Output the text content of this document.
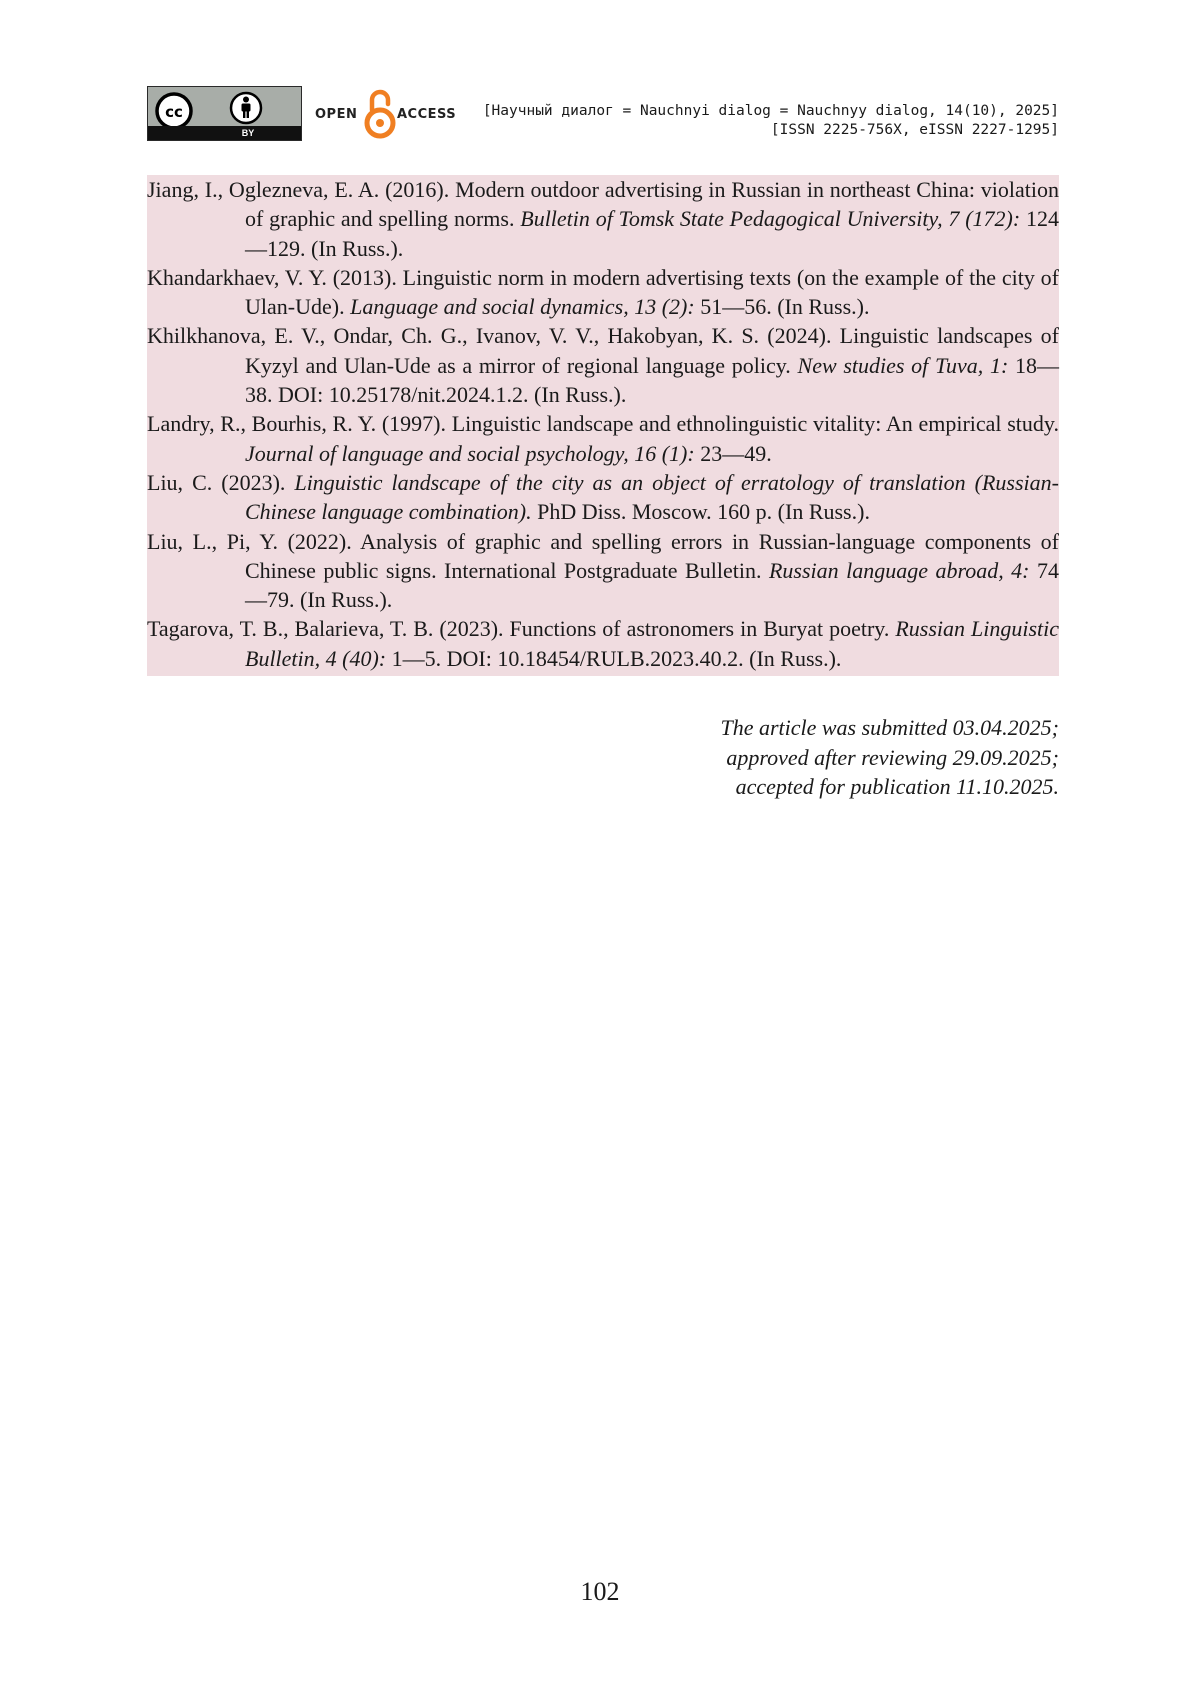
cc
BY
OPEN	ACCESS [Научный диалог = Nauchnyi dialog = Nauchnyy dialog, 14(10), 2025]
[ISSN 2225-756X, eISSN 2227-1295]

Jiang, I., Oglezneva, E. A. (2016). Modern outdoor advertising in Russian in northeast China: violation of graphic and spelling norms. Bulletin of Tomsk State Pedagogical University, 7 (172): 124—129. (In Russ.).

Khandarkhaev, V. Y. (2013). Linguistic norm in modern advertising texts (on the example of the city of Ulan-Ude). Language and social dynamics, 13 (2): 51—56. (In Russ.).

Khilkhanova, E. V., Ondar, Ch. G., Ivanov, V. V., Hakobyan, K. S. (2024). Linguistic landscapes of Kyzyl and Ulan-Ude as a mirror of regional language policy. New studies of Tuva, 1: 18—38. DOI: 10.25178/nit.2024.1.2. (In Russ.).

Landry, R., Bourhis, R. Y. (1997). Linguistic landscape and ethnolinguistic vitality: An empirical study. Journal of language and social psychology, 16 (1): 23—49.

Liu, C. (2023). Linguistic landscape of the city as an object of erratology of translation (Russian-Chinese language combination). PhD Diss. Moscow. 160 p. (In Russ.).

Liu, L., Pi, Y. (2022). Analysis of graphic and spelling errors in Russian-language components of Chinese public signs. International Postgraduate Bulletin. Russian language abroad, 4: 74—79. (In Russ.).

Tagarova, T. B., Balarieva, T. B. (2023). Functions of astronomers in Buryat poetry. Russian Linguistic Bulletin, 4 (40): 1—5. DOI: 10.18454/RULB.2023.40.2. (In Russ.).

The article was submitted 03.04.2025;
approved after reviewing 29.09.2025;
accepted for publication 11.10.2025.
102
